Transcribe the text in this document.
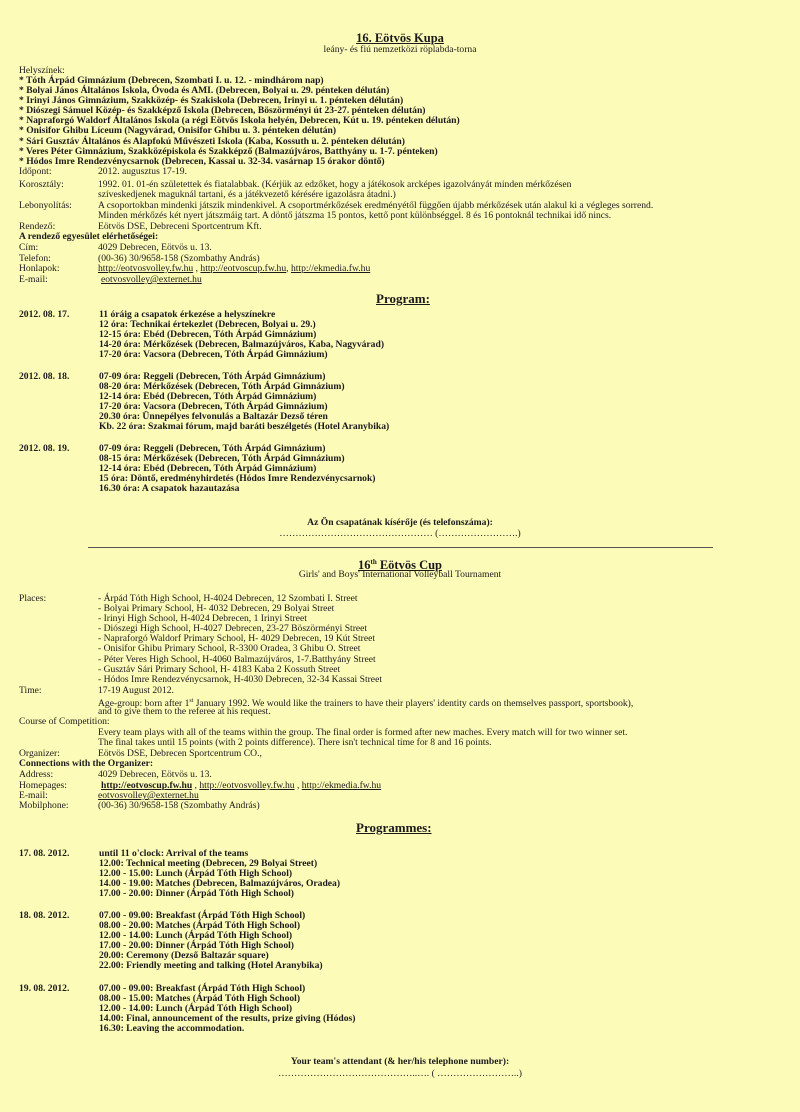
16. Eötvös Kupa
leány- és fiú nemzetközi röplabda-torna
Helyszínek:
* Tóth Árpád Gimnázium (Debrecen, Szombati I. u. 12. - mindhárom nap)
* Bolyai János Általános Iskola, Óvoda és AMI. (Debrecen, Bolyai u. 29. pénteken délután)
* Irinyi János Gimnázium, Szakközép- és Szakiskola (Debrecen, Irinyi u. 1. pénteken délután)
* Diószegi Sámuel Közép- és Szakképző Iskola (Debrecen, Böszörményi út 23-27. pénteken délután)
* Napraforgó Waldorf Általános Iskola (a régi Eötvös Iskola helyén, Debrecen, Kút u. 19. pénteken délután)
* Onisifor Ghibu Líceum (Nagyvárad, Onisifor Ghibu u. 3. pénteken délután)
* Sári Gusztáv Általános és Alapfokú Művészeti Iskola (Kaba, Kossuth u. 2. pénteken délután)
* Veres Péter Gimnázium, Szakközépiskola és Szakképző (Balmazújváros, Batthyány u. 1-7. pénteken)
* Hódos Imre Rendezvénycsarnok (Debrecen, Kassai u. 32-34. vasárnap 15 órakor döntő)
Időpont:	2012. augusztus 17-19.
Korosztály:	1992. 01. 01-én születettek és fiatalabbak. (Kérjük az edzőket, hogy a játékosok arcképes igazolványát minden mérkőzésen
szíveskedjenek maguknál tartani, és a játékvezető kérésére igazolásra átadni.)
Lebonyolítás:	A csoportokban mindenki játszik mindenkivel. A csoportmérkőzések eredményétől függően újabb mérkőzések után alakul ki a végleges sorrend.
Minden mérkőzés két nyert játszmáig tart. A döntő játszma 15 pontos, kettő pont különbséggel. 8 és 16 pontoknál technikai idő nincs.
Rendező:	Eötvös DSE, Debreceni Sportcentrum Kft.
A rendező egyesület elérhetőségei:
Cím:	4029 Debrecen, Eötvös u. 13.
Telefon:	(00-36) 30/9658-158 (Szombathy András)
Honlapok:	http://eotvosvolley.fw.hu , http://eotvoscup.fw.hu, http://ekmedia.fw.hu
E-mail:	eotvosvolley@externet.hu
Program:
2012. 08. 17.	11 óráig a csapatok érkezése a helyszínekre
12 óra: Technikai értekezlet (Debrecen, Bolyai u. 29.)
12-15 óra: Ebéd (Debrecen, Tóth Árpád Gimnázium)
14-20 óra: Mérkőzések (Debrecen, Balmazújváros, Kaba, Nagyvárad)
17-20 óra: Vacsora (Debrecen, Tóth Árpád Gimnázium)
2012. 08. 18.	07-09 óra: Reggeli (Debrecen, Tóth Árpád Gimnázium)
08-20 óra: Mérkőzések (Debrecen, Tóth Árpád Gimnázium)
12-14 óra: Ebéd (Debrecen, Tóth Árpád Gimnázium)
17-20 óra: Vacsora (Debrecen, Tóth Árpád Gimnázium)
20.30 óra: Ünnepélyes felvonulás a Baltazár Dezső téren
Kb. 22 óra: Szakmai fórum, majd baráti beszélgetés (Hotel Aranybika)
2012. 08. 19.	07-09 óra: Reggeli (Debrecen, Tóth Árpád Gimnázium)
08-15 óra: Mérkőzések (Debrecen, Tóth Árpád Gimnázium)
12-14 óra: Ebéd (Debrecen, Tóth Árpád Gimnázium)
15 óra: Döntő, eredményhirdetés (Hódos Imre Rendezvénycsarnok)
16.30 óra: A csapatok hazautazása
Az Ön csapatának kísérője (és telefonszáma):
………………………………………… (…………………….)
16th Eötvös Cup
Girls' and Boys' International Volleyball Tournament
Places:	- Árpád Tóth High School, H-4024 Debrecen, 12 Szombati I. Street
- Bolyai Primary School, H- 4032 Debrecen, 29 Bolyai Street
- Irinyi High School, H-4024 Debrecen, 1 Irinyi Street
- Diószegi High School, H-4027 Debrecen, 23-27 Böszörményi Street
- Napraforgó Waldorf Primary School, H- 4029 Debrecen, 19 Kút Street
- Onisifor Ghibu Primary School, R-3300 Oradea, 3 Ghibu O. Street
- Péter Veres High School, H-4060 Balmazújváros, 1-7.Batthyány Street
- Gusztáv Sári Primary School, H- 4183 Kaba 2 Kossuth Street
- Hódos Imre Rendezvénycsarnok, H-4030 Debrecen, 32-34 Kassai Street
Time:	17-19 August 2012.
Age-group: born after 1st January 1992. We would like the trainers to have their players' identity cards on themselves passport, sportsbook),
and to give them to the referee at his request.
Course of Competition:
Every team plays with all of the teams within the group. The final order is formed after new maches. Every match will for two winner set.
The final takes until 15 points (with 2 points difference). There isn't technical time for 8 and 16 points.
Organizer:	Eötvös DSE, Debrecen Sportcentrum CO.,
Connections with the Organizer:
Address:	4029 Debrecen, Eötvös u. 13.
Homepages:	http://eotvoscup.fw.hu , http://eotvosvolley.fw.hu , http://ekmedia.fw.hu
E-mail:	eotvosvolley@externet.hu
Mobilphone:	(00-36) 30/9658-158 (Szombathy András)
Programmes:
17. 08. 2012.	until 11 o'clock: Arrival of the teams
12.00: Technical meeting (Debrecen, 29 Bolyai Street)
12.00 - 15.00: Lunch (Árpád Tóth High School)
14.00 - 19.00: Matches (Debrecen, Balmazújváros, Oradea)
17.00 - 20.00: Dinner (Árpád Tóth High School)
18. 08. 2012.	07.00 - 09.00: Breakfast (Árpád Tóth High School)
08.00 - 20.00: Matches (Árpád Tóth High School)
12.00 - 14.00: Lunch (Árpád Tóth High School)
17.00 - 20.00: Dinner (Árpád Tóth High School)
20.00: Ceremony (Dezső Baltazár square)
22.00: Friendly meeting and talking (Hotel Aranybika)
19. 08. 2012.	07.00 - 09.00: Breakfast (Árpád Tóth High School)
08.00 - 15.00: Matches (Árpád Tóth High School)
12.00 - 14.00: Lunch (Árpád Tóth High School)
14.00: Final, announcement of the results, prize giving (Hódos)
16.30: Leaving the accommodation.
Your team's attendant (& her/his telephone number):
……………………………………..…. ( ……………………..)
